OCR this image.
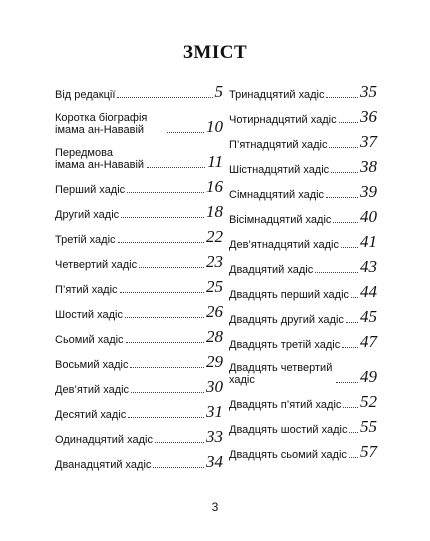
ЗМІСТ
Від редакції	5
Коротка біографія імама ан-Нававій	10
Передмова імама ан-Нававій	11
Перший хадіс	16
Другий хадіс	18
Третій хадіс	22
Четвертий хадіс	23
П’ятий хадіс	25
Шостий хадіс	26
Сьомий хадіс	28
Восьмий хадіс	29
Дев’ятий хадіс	30
Десятий хадіс	31
Одинадцятий хадіс	33
Дванадцятий хадіс	34
Тринадцятий хадіс 35
Чотирнадцятий хадіс 36
П’ятнадцятий хадіс 37
Шістнадцятий хадіс 38
Сімнадцятий хадіс 39
Вісімнадцятий хадіс 40
Дев’ятнадцятий хадіс 41
Двадцятий хадіс	43
Двадцять перший хадіс 44
Двадцять другий хадіс 45
Двадцять третій хадіс 47
Двадцять четвертий хадіс	49
Двадцять п’ятий хадіс 52
Двадцять шостий хадіс 55
Двадцять сьомий хадіс 57
3
